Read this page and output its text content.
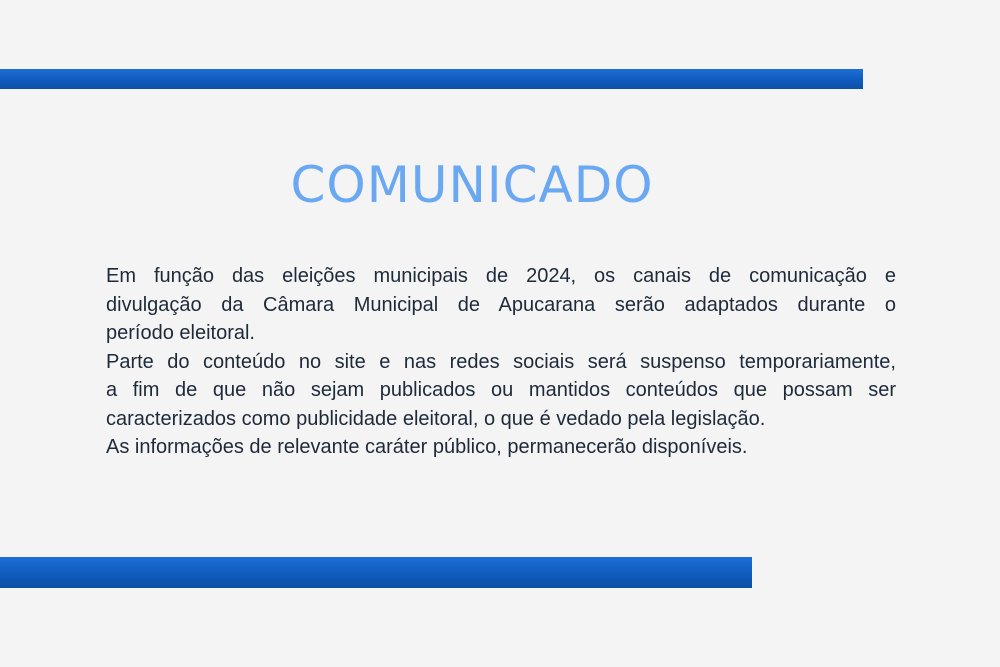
COMUNICADO
Em função das eleições municipais de 2024, os canais de comunicação e
divulgação da Câmara Municipal de Apucarana serão adaptados durante o
período eleitoral.
Parte do conteúdo no site e nas redes sociais será suspenso temporariamente,
a fim de que não sejam publicados ou mantidos conteúdos que possam ser
caracterizados como publicidade eleitoral, o que é vedado pela legislação.
As informações de relevante caráter público, permanecerão disponíveis.
